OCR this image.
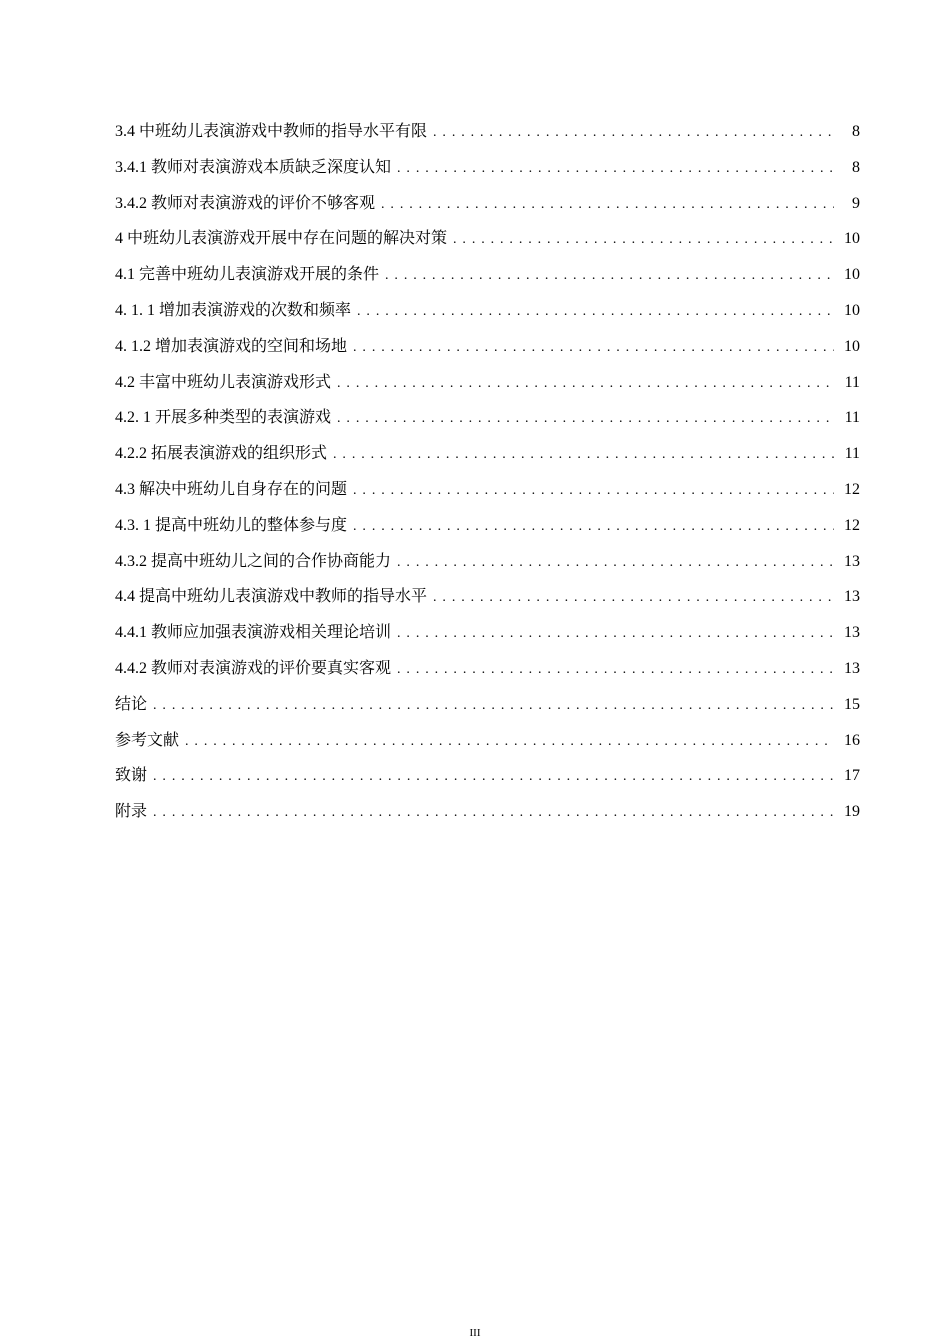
3.4 中班幼儿表演游戏中教师的指导水平有限 . . .	8
3.4.1 教师对表演游戏本质缺乏深度认知 . . .	8
3.4.2 教师对表演游戏的评价不够客观 . . .	9
4 中班幼儿表演游戏开展中存在问题的解决对策 . . .	10
4.1 完善中班幼儿表演游戏开展的条件 . . .	10
4. 1. 1 增加表演游戏的次数和频率 . . .	10
4. 1.2 增加表演游戏的空间和场地 . . .	10
4.2 丰富中班幼儿表演游戏形式 . . .	11
4.2. 1 开展多种类型的表演游戏 . . .	11
4.2.2 拓展表演游戏的组织形式 . . .	11
4.3 解决中班幼儿自身存在的问题 . . .	12
4.3. 1 提高中班幼儿的整体参与度 . . .	12
4.3.2 提高中班幼儿之间的合作协商能力 . . .	13
4.4 提高中班幼儿表演游戏中教师的指导水平 . . .	13
4.4.1 教师应加强表演游戏相关理论培训 . . .	13
4.4.2 教师对表演游戏的评价要真实客观 . . .	13
结论 . . .	15
参考文献 . . .	16
致谢 . . .	17
附录 . . .	19
III
